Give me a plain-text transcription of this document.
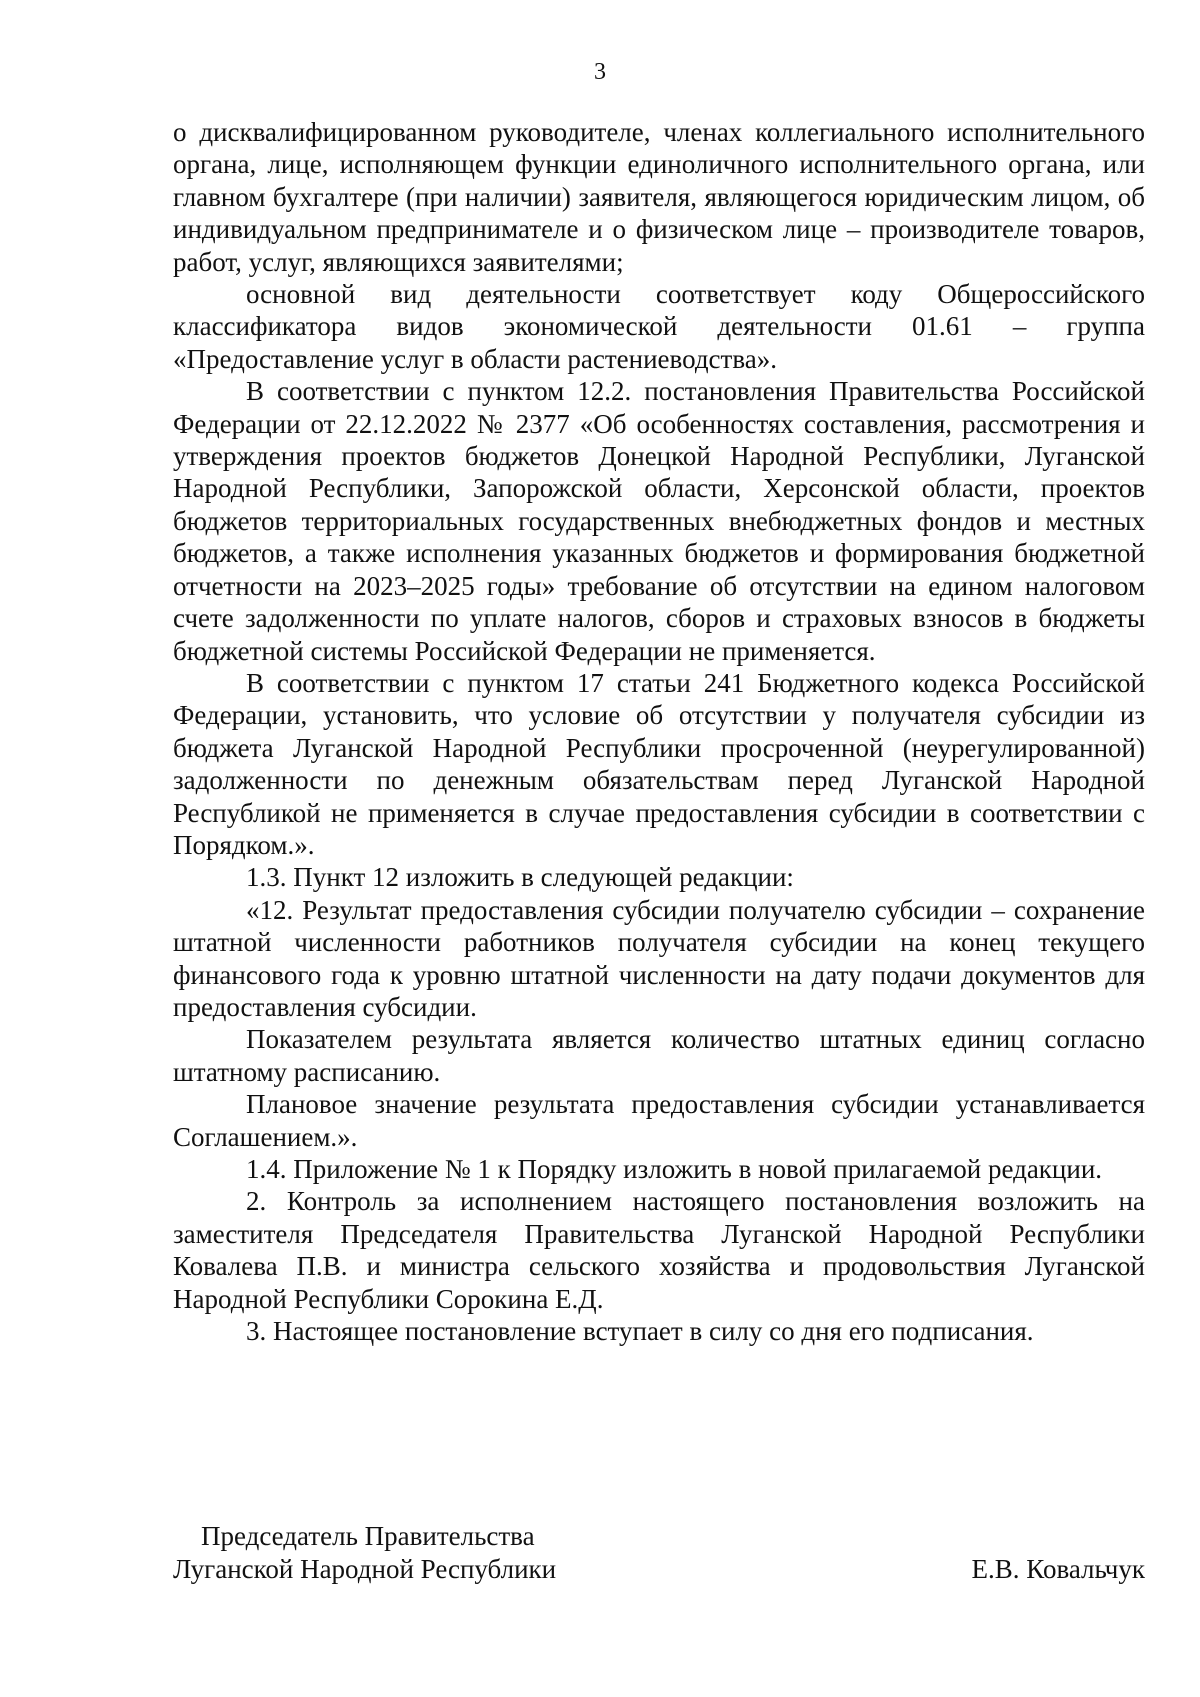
3

о дисквалифицированном руководителе, членах коллегиального исполнительного органа, лице, исполняющем функции единоличного исполнительного органа, или главном бухгалтере (при наличии) заявителя, являющегося юридическим лицом, об индивидуальном предпринимателе и о физическом лице – производителе товаров, работ, услуг, являющихся заявителями;

основной вид деятельности соответствует коду Общероссийского классификатора видов экономической деятельности 01.61 – группа «Предоставление услуг в области растениеводства».

В соответствии с пунктом 12.2. постановления Правительства Российской Федерации от 22.12.2022 № 2377 «Об особенностях составления, рассмотрения и утверждения проектов бюджетов Донецкой Народной Республики, Луганской Народной Республики, Запорожской области, Херсонской области, проектов бюджетов территориальных государственных внебюджетных фондов и местных бюджетов, а также исполнения указанных бюджетов и формирования бюджетной отчетности на 2023–2025 годы» требование об отсутствии на едином налоговом счете задолженности по уплате налогов, сборов и страховых взносов в бюджеты бюджетной системы Российской Федерации не применяется.

В соответствии с пунктом 17 статьи 241 Бюджетного кодекса Российской Федерации, установить, что условие об отсутствии у получателя субсидии из бюджета Луганской Народной Республики просроченной (неурегулированной) задолженности по денежным обязательствам перед Луганской Народной Республикой не применяется в случае предоставления субсидии в соответствии с Порядком.».

1.3. Пункт 12 изложить в следующей редакции:

«12. Результат предоставления субсидии получателю субсидии – сохранение штатной численности работников получателя субсидии на конец текущего финансового года к уровню штатной численности на дату подачи документов для предоставления субсидии.

Показателем результата является количество штатных единиц согласно штатному расписанию.

Плановое значение результата предоставления субсидии устанавливается Соглашением.».

1.4. Приложение № 1 к Порядку изложить в новой прилагаемой редакции.

2. Контроль за исполнением настоящего постановления возложить на заместителя Председателя Правительства Луганской Народной Республики Ковалева П.В. и министра сельского хозяйства и продовольствия Луганской Народной Республики Сорокина Е.Д.

3. Настоящее постановление вступает в силу со дня его подписания.

Председатель Правительства
Луганской Народной Республики	Е.В. Ковальчук
